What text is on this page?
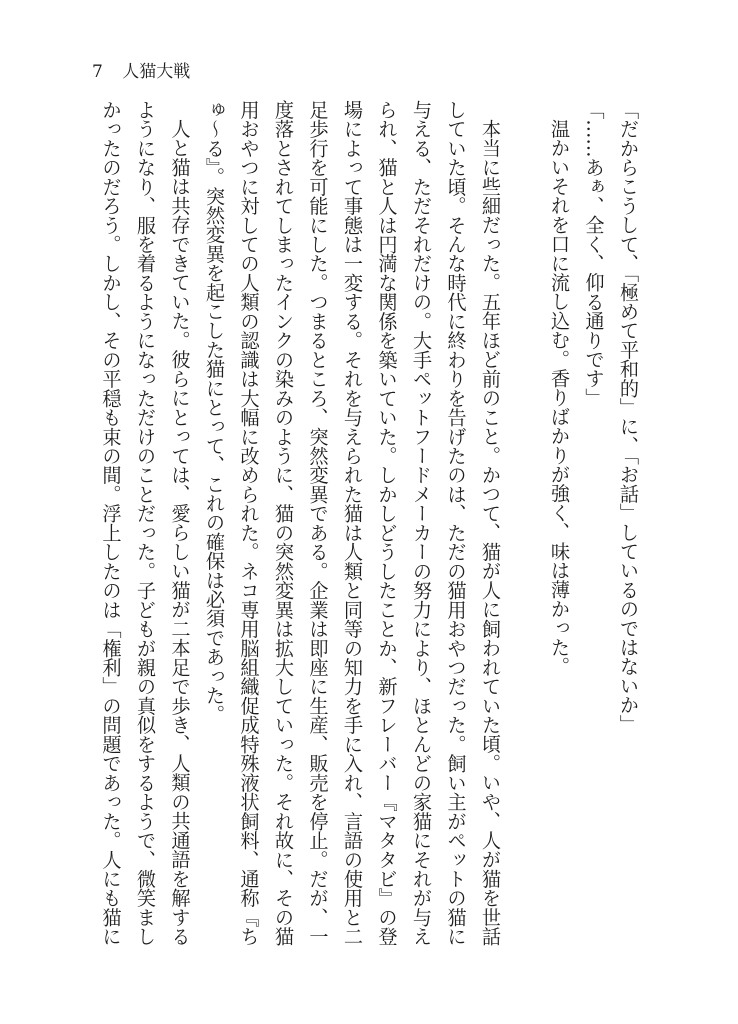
7 人猫大戦
「だからこうして、「極めて平和的」に、「お話」しているのではないか」
「……あぁ、全く、仰る通りです」
温かいそれを口に流し込む。香りばかりが強く、味は薄かった。
本当に些細だった。五年ほど前のこと。かつて、猫が人に飼われていた頃。いや、人が猫を世話
していた頃。そんな時代に終わりを告げたのは、ただの猫用おやつだった。飼い主がペットの猫に
与える、ただそれだけの。大手ペットフードメーカーの努力により、ほとんどの家猫にそれが与え
られ、猫と人は円満な関係を築いていた。しかしどうしたことか、新フレーバー『マタタビ』の登
場によって事態は一変する。それを与えられた猫は人類と同等の知力を手に入れ、言語の使用と二
足歩行を可能にした。つまるところ、突然変異である。企業は即座に生産、販売を停止。だが、一
度落とされてしまったインクの染みのように、猫の突然変異は拡大していった。それ故に、その猫
用おやつに対しての人類の認識は大幅に改められた。ネコ専用脳組織促成特殊液状飼料、通称『ち
ゅ〜る』。突然変異を起こした猫にとって、これの確保は必須であった。
人と猫は共存できていた。彼らにとっては、愛らしい猫が二本足で歩き、人類の共通語を解する
ようになり、服を着るようになっただけのことだった。子どもが親の真似をするようで、微笑まし
かったのだろう。しかし、その平穏も束の間。浮上したのは「権利」の問題であった。人にも猫に
